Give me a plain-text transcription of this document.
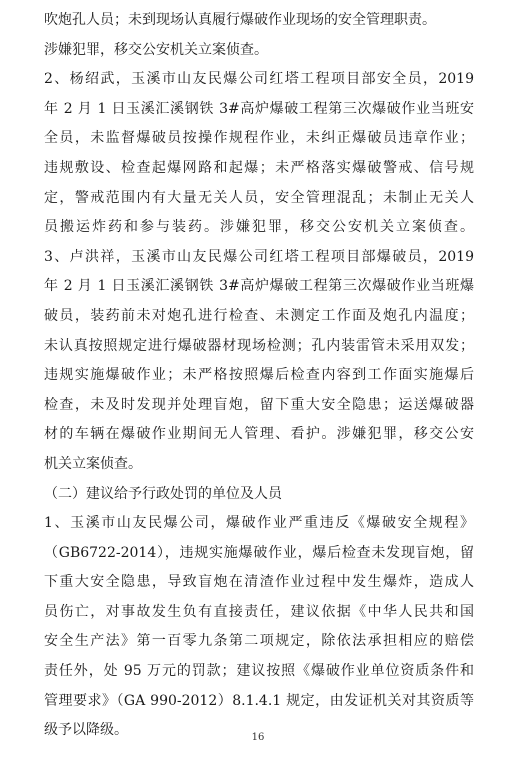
吹炮孔人员；未到现场认真履行爆破作业现场的安全管理职责。
涉嫌犯罪，移交公安机关立案侦查。
2、杨绍武，玉溪市山友民爆公司红塔工程项目部安全员，2019
年 2 月 1 日玉溪汇溪钢铁 3#高炉爆破工程第三次爆破作业当班安
全员，未监督爆破员按操作规程作业，未纠正爆破员违章作业；
违规敷设、检查起爆网路和起爆；未严格落实爆破警戒、信号规
定，警戒范围内有大量无关人员，安全管理混乱；未制止无关人
员搬运炸药和参与装药。涉嫌犯罪，移交公安机关立案侦查。
3、卢洪祥，玉溪市山友民爆公司红塔工程项目部爆破员，2019
年 2 月 1 日玉溪汇溪钢铁 3#高炉爆破工程第三次爆破作业当班爆
破员，装药前未对炮孔进行检查、未测定工作面及炮孔内温度；
未认真按照规定进行爆破器材现场检测；孔内装雷管未采用双发；
违规实施爆破作业；未严格按照爆后检查内容到工作面实施爆后
检查，未及时发现并处理盲炮，留下重大安全隐患；运送爆破器
材的车辆在爆破作业期间无人管理、看护。涉嫌犯罪，移交公安
机关立案侦查。
（二）建议给予行政处罚的单位及人员
1、玉溪市山友民爆公司，爆破作业严重违反《爆破安全规程》
（GB6722-2014），违规实施爆破作业，爆后检查未发现盲炮，留
下重大安全隐患，导致盲炮在清渣作业过程中发生爆炸，造成人
员伤亡，对事故发生负有直接责任，建议依据《中华人民共和国
安全生产法》第一百零九条第二项规定，除依法承担相应的赔偿
责任外，处 95 万元的罚款；建议按照《爆破作业单位资质条件和
管理要求》（GA 990-2012）8.1.4.1 规定，由发证机关对其资质等
级予以降级。	16
